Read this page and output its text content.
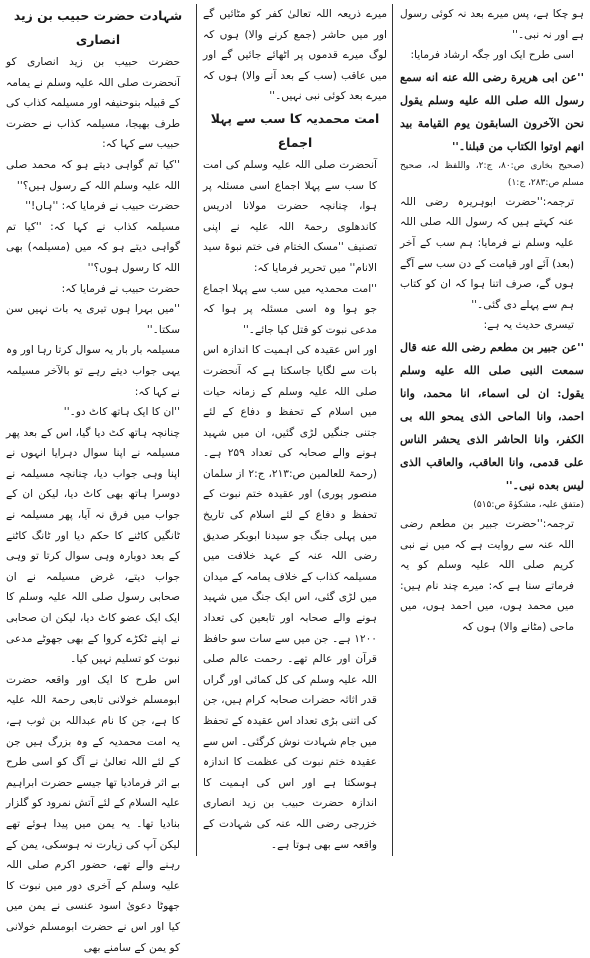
ہو چکا ہے، پس میرے بعد نہ کوئی رسول ہے اور نہ نبی۔''

اسی طرح ایک اور جگہ ارشاد فرمایا:

''عن ابی هريرة رضی الله عنه انه سمع رسول الله صلی الله عليه وسلم يقول نحن الآخرون السابقون يوم القيامة بيد انهم اوتوا الكتاب من قبلنا۔''

(صحیح بخاری ص:۸۰، ج:۲، واللفظ لہ، صحیح مسلم ص:۲۸۳، ج:۱)

ترجمہ:''حضرت ابوہریرہ رضی اللہ عنہ کہتے ہیں کہ رسول اللہ صلی اللہ علیہ وسلم نے فرمایا: ہم سب کے آخر (بعد) آئے اور قیامت کے دن سب سے آگے ہوں گے، صرف اتنا ہوا کہ ان کو کتاب ہم سے پہلے دی گئی۔''

تیسری حدیث یہ ہے:

''عن جبير بن مطعم رضی الله عنه قال سمعت النبی صلی الله عليه وسلم يقول: ان لی اسماء، انا محمد، وانا احمد، وانا الماحی الذی يمحو الله بی الكفر، وانا الحاشر الذی يحشر الناس علی قدمی، وانا العاقب، والعاقب الذی ليس بعده نبی۔''

(متفق علیہ، مشکوٰۃ ص:۵۱۵)

ترجمہ:''حضرت جبیر بن مطعم رضی اللہ عنہ سے روایت ہے کہ میں نے نبی کریم صلی اللہ علیہ وسلم کو یہ فرماتے سنا ہے کہ: میرے چند نام ہیں: میں محمد ہوں، میں احمد ہوں، میں ماحی (مٹانے والا) ہوں کہ

میرے ذریعہ اللہ تعالیٰ کفر کو مٹائیں گے اور میں حاشر (جمع کرنے والا) ہوں کہ لوگ میرے قدموں پر اٹھائے جائیں گے اور میں عاقب (سب کے بعد آنے والا) ہوں کہ میرے بعد کوئی نبی نہیں۔''

امت محمدیہ کا سب سے پہلا اجماع

آنحضرت صلی اللہ علیہ وسلم کی امت کا سب سے پہلا اجماع اسی مسئلہ پر ہوا، چنانچہ حضرت مولانا ادریس کاندھلوی رحمۃ اللہ علیہ نے اپنی تصنیف ''مسک الختام فی ختم نبوۃ سید الانام'' میں تحریر فرمایا کہ:

''امت محمدیہ میں سب سے پہلا اجماع جو ہوا وہ اسی مسئلہ پر ہوا کہ مدعی نبوت کو قتل کیا جائے۔''

اور اس عقیدہ کی اہمیت کا اندازہ اس بات سے لگایا جاسکتا ہے کہ آنحضرت صلی اللہ علیہ وسلم کے زمانہ حیات میں اسلام کے تحفظ و دفاع کے لئے جتنی جنگیں لڑی گئیں، ان میں شہید ہونے والے صحابہ کی تعداد ۲۵۹ ہے۔ (رحمۃ للعالمین ص:۲۱۳، ج:۲ از سلمان منصور پوری) اور عقیدہ ختم نبوت کے تحفظ و دفاع کے لئے اسلام کی تاریخ میں پہلی جنگ جو سیدنا ابوبکر صدیق رضی اللہ عنہ کے عہد خلافت میں مسیلمہ کذاب کے خلاف یمامہ کے میدان میں لڑی گئی، اس ایک جنگ میں شہید ہونے والے صحابہ اور تابعین کی تعداد ۱۲۰۰ ہے۔ جن میں سے سات سو حافظ قرآن اور عالم تھے۔ رحمت عالم صلی اللہ علیہ وسلم کی کل کمائی اور گراں قدر اثاثہ حضرات صحابہ کرام ہیں، جن کی اتنی بڑی تعداد اس عقیدہ کے تحفظ میں جام شہادت نوش کرگئی۔ اس سے عقیدہ ختم نبوت کی عظمت کا اندازہ ہوسکتا ہے اور اس کی اہمیت کا اندازہ حضرت حبیب بن زید انصاری خزرجی رضی اللہ عنہ کی شہادت کے واقعہ سے بھی ہوتا ہے۔

شہادت حضرت حبیب بن زید انصاری

حضرت حبیب بن زید انصاری کو آنحضرت صلی اللہ علیہ وسلم نے یمامہ کے قبیلہ بنوحنیفہ اور مسیلمہ کذاب کی طرف بھیجا، مسیلمہ کذاب نے حضرت حبیب سے کہا کہ:

''کیا تم گواہی دیتے ہو کہ محمد صلی اللہ علیہ وسلم اللہ کے رسول ہیں؟''

حضرت حبیب نے فرمایا کہ: ''ہاں!''

مسیلمہ کذاب نے کہا کہ: ''کیا تم گواہی دیتے ہو کہ میں (مسیلمہ) بھی اللہ کا رسول ہوں؟''

حضرت حبیب نے فرمایا کہ:

''میں بہرا ہوں تیری یہ بات نہیں سن سکتا۔''

مسیلمہ بار بار یہ سوال کرتا رہا اور وہ یہی جواب دیتے رہے تو بالآخر مسیلمہ نے کہا کہ:

''ان کا ایک ہاتھ کاٹ دو۔''

چنانچہ ہاتھ کٹ دیا گیا، اس کے بعد پھر مسیلمہ نے اپنا سوال دہرایا انہوں نے اپنا وہی جواب دیا، چنانچہ مسیلمہ نے دوسرا ہاتھ بھی کاٹ دیا، لیکن ان کے جواب میں فرق نہ آیا، پھر مسیلمہ نے ٹانگیں کاٹنے کا حکم دیا اور ٹانگ کاٹنے کے بعد دوبارہ وہی سوال کرتا تو وہی جواب دیتے، غرض مسیلمہ نے ان صحابی رسول صلی اللہ علیہ وسلم کا ایک ایک عضو کاٹ دیا، لیکن ان صحابی نے اپنے ٹکڑے کروا کے بھی جھوٹے مدعی نبوت کو تسلیم نہیں کیا۔

اس طرح کا ایک اور واقعہ حضرت ابومسلم خولانی تابعی رحمۃ اللہ علیہ کا ہے، جن کا نام عبداللہ بن ثوب ہے، یہ امت محمدیہ کے وہ بزرگ ہیں جن کے لئے اللہ تعالیٰ نے آگ کو اسی طرح بے اثر فرمادیا تھا جیسے حضرت ابراہیم علیہ السلام کے لئے آتش نمرود کو گلزار بنادیا تھا۔ یہ یمن میں پیدا ہوئے تھے لیکن آپ کی زیارت نہ ہوسکی، یمن کے رہنے والے تھے، حضور اکرم صلی اللہ علیہ وسلم کے آخری دور میں نبوت کا جھوٹا دعویٰ اسود عنسی نے یمن میں کیا اور اس نے حضرت ابومسلم خولانی کو یمن کے سامنے بھی
